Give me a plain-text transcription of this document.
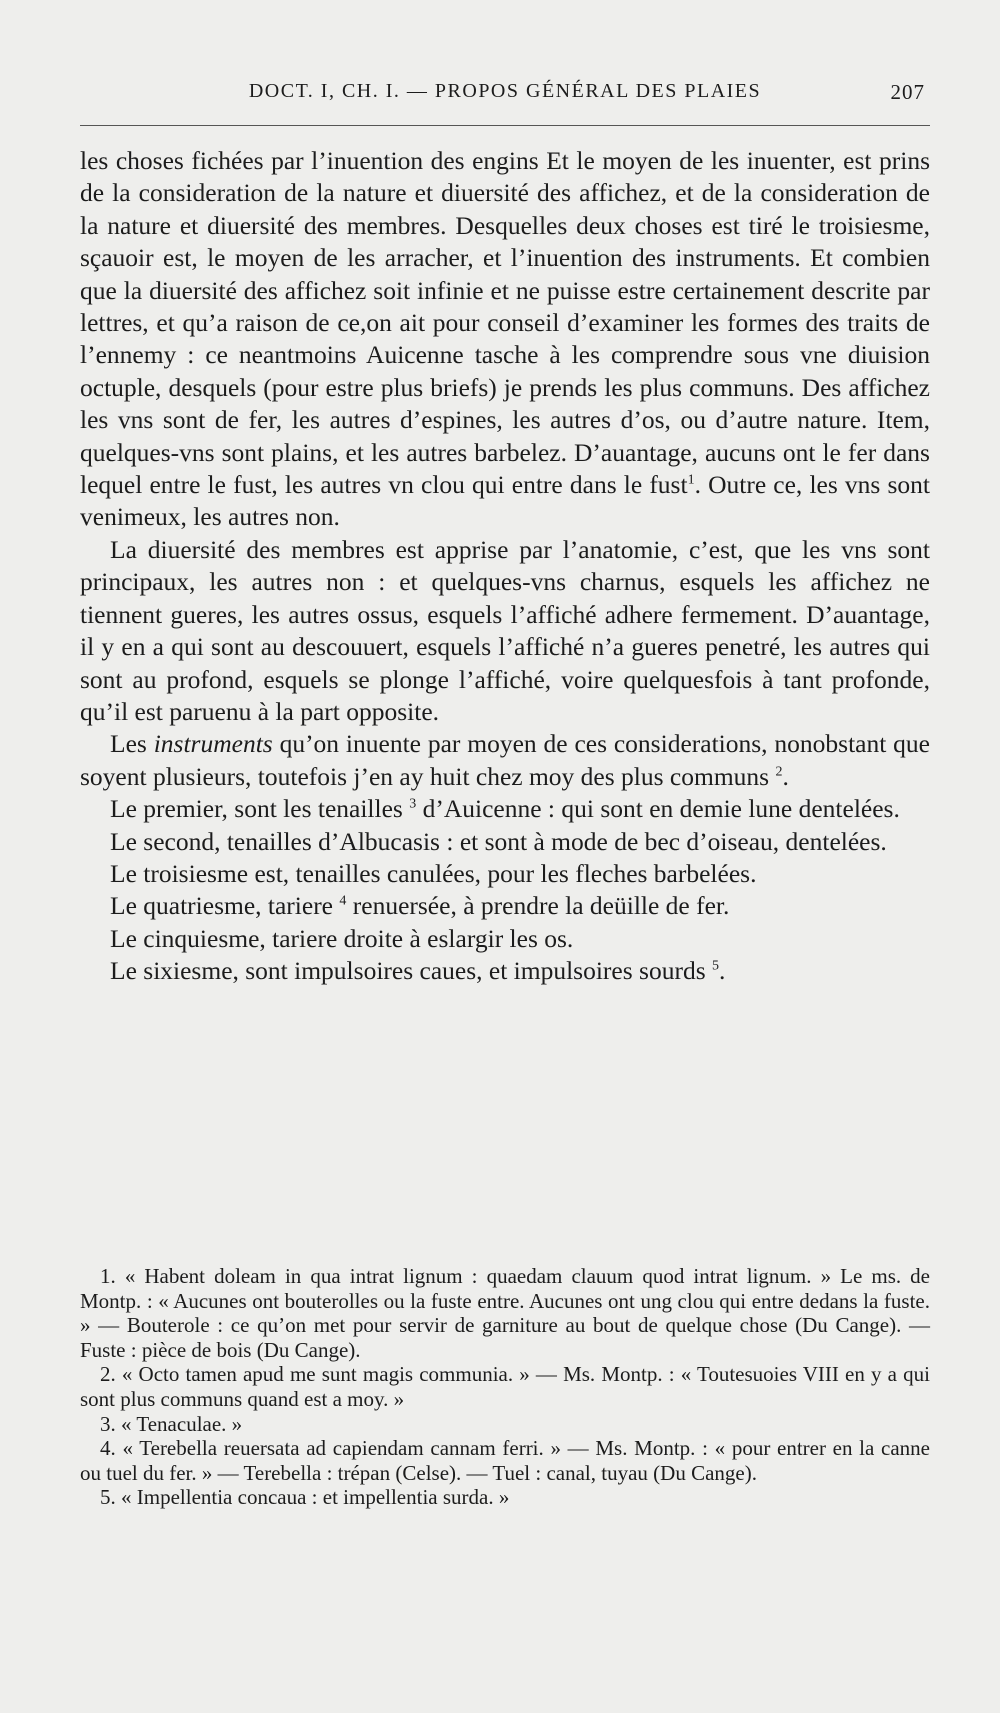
DOCT. I, CH. I. — PROPOS GÉNÉRAL DES PLAIES	207

les choses fichées par l’inuention des engins Et le moyen de les inuenter, est prins de la consideration de la nature et diuersité des affichez, et de la consideration de la nature et diuersité des membres. Desquelles deux choses est tiré le troisiesme, sçauoir est, le moyen de les arracher, et l’inuention des instruments. Et combien que la diuersité des affichez soit infinie et ne puisse estre certainement descrite par lettres, et qu’a raison de ce,on ait pour conseil d’examiner les formes des traits de l’ennemy : ce neantmoins Auicenne tasche à les comprendre sous vne diuision octuple, desquels (pour estre plus briefs) je prends les plus communs. Des affichez les vns sont de fer, les autres d’espines, les autres d’os, ou d’autre nature. Item, quelques-vns sont plains, et les autres barbelez. D’auantage, aucuns ont le fer dans lequel entre le fust, les autres vn clou qui entre dans le fust$^1$. Outre ce, les vns sont venimeux, les autres non.

La diuersité des membres est apprise par l’anatomie, c’est, que les vns sont principaux, les autres non : et quelques-vns charnus, esquels les affichez ne tiennent gueres, les autres ossus, esquels l’affiché adhere fermement. D’auantage, il y en a qui sont au descouuert, esquels l’affiché n’a gueres penetré, les autres qui sont au profond, esquels se plonge l’affiché, voire quelquesfois à tant profonde, qu’il est paruenu à la part opposite.

Les instruments qu’on inuente par moyen de ces considerations, nonobstant que soyent plusieurs, toutefois j’en ay huit chez moy des plus communs $^2$.

Le premier, sont les tenailles $^3$ d’Auicenne : qui sont en demie lune dentelées.

Le second, tenailles d’Albucasis : et sont à mode de bec d’oiseau, dentelées.

Le troisiesme est, tenailles canulées, pour les fleches barbelées.

Le quatriesme, tariere $^4$ renuersée, à prendre la deüille de fer.

Le cinquiesme, tariere droite à eslargir les os.

Le sixiesme, sont impulsoires caues, et impulsoires sourds $^5$.

1. « Habent doleam in qua intrat lignum : quaedam clauum quod intrat lignum. » Le ms. de Montp. : « Aucunes ont bouterolles ou la fuste entre. Aucunes ont ung clou qui entre dedans la fuste. » — Bouterole : ce qu’on met pour servir de garniture au bout de quelque chose (Du Cange). — Fuste : pièce de bois (Du Cange).

2. « Octo tamen apud me sunt magis communia. » — Ms. Montp. : « Toutesuoies VIII en y a qui sont plus communs quand est a moy. »

3. « Tenaculae. »

4. « Terebella reuersata ad capiendam cannam ferri. » — Ms. Montp. : « pour entrer en la canne ou tuel du fer. » — Terebella : trépan (Celse). — Tuel : canal, tuyau (Du Cange).

5. « Impellentia concaua : et impellentia surda. »
